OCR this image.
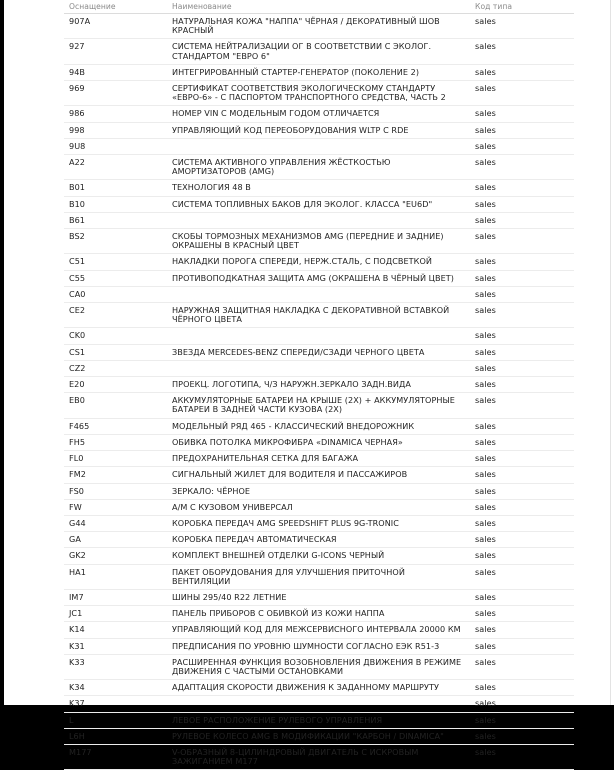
Оснащение	Наименование	Код типа
907A	НАТУРАЛЬНАЯ КОЖА "НАППА" ЧЁРНАЯ / ДЕКОРАТИВНЫЙ ШОВ КРАСНЫЙ	sales
927	СИСТЕМА НЕЙТРАЛИЗАЦИИ ОГ В СООТВЕТСТВИИ С ЭКОЛОГ. СТАНДАРТОМ "ЕВРО 6"	sales
94B	ИНТЕГРИРОВАННЫЙ СТАРТЕР-ГЕНЕРАТОР (ПОКОЛЕНИЕ 2)	sales
969	СЕРТИФИКАТ СООТВЕТСТВИЯ ЭКОЛОГИЧЕСКОМУ СТАНДАРТУ «ЕВРО-6» - С ПАСПОРТОМ ТРАНСПОРТНОГО СРЕДСТВА, ЧАСТЬ 2	sales
986	НОМЕР VIN С МОДЕЛЬНЫМ ГОДОМ ОТЛИЧАЕТСЯ	sales
998	УПРАВЛЯЮЩИЙ КОД ПЕРЕОБОРУДОВАНИЯ WLTP С RDE	sales
9U8		sales
A22	СИСТЕМА АКТИВНОГО УПРАВЛЕНИЯ ЖЁСТКОСТЬЮ АМОРТИЗАТОРОВ (AMG)	sales
B01	ТЕХНОЛОГИЯ 48 В	sales
B10	СИСТЕМА ТОПЛИВНЫХ БАКОВ ДЛЯ ЭКОЛОГ. КЛАССА "EU6D"	sales
B61		sales
BS2	СКОБЫ ТОРМОЗНЫХ МЕХАНИЗМОВ AMG (ПЕРЕДНИЕ И ЗАДНИЕ) ОКРАШЕНЫ В КРАСНЫЙ ЦВЕТ	sales
C51	НАКЛАДКИ ПОРОГА СПЕРЕДИ, НЕРЖ.СТАЛЬ, С ПОДСВЕТКОЙ	sales
C55	ПРОТИВОПОДКАТНАЯ ЗАЩИТА AMG (ОКРАШЕНА В ЧЁРНЫЙ ЦВЕТ)	sales
CA0		sales
CE2	НАРУЖНАЯ ЗАЩИТНАЯ НАКЛАДКА С ДЕКОРАТИВНОЙ ВСТАВКОЙ ЧЁРНОГО ЦВЕТА	sales
CK0		sales
CS1	ЗВЕЗДА MERCEDES-BENZ СПЕРЕДИ/СЗАДИ ЧЕРНОГО ЦВЕТА	sales
CZ2		sales
E20	ПРОЕКЦ. ЛОГОТИПА, Ч/З НАРУЖН.ЗЕРКАЛО ЗАДН.ВИДА	sales
EB0	АККУМУЛЯТОРНЫЕ БАТАРЕИ НА КРЫШЕ (2X) + АККУМУЛЯТОРНЫЕ БАТАРЕИ В ЗАДНЕЙ ЧАСТИ КУЗОВА (2X)	sales
F465	МОДЕЛЬНЫЙ РЯД 465 - КЛАССИЧЕСКИЙ ВНЕДОРОЖНИК	sales
FH5	ОБИВКА ПОТОЛКА МИКРОФИБРА «DINAMICA ЧЕРНАЯ»	sales
FL0	ПРЕДОХРАНИТЕЛЬНАЯ СЕТКА ДЛЯ БАГАЖА	sales
FM2	СИГНАЛЬНЫЙ ЖИЛЕТ ДЛЯ ВОДИТЕЛЯ И ПАССАЖИРОВ	sales
FS0	ЗЕРКАЛО: ЧЁРНОЕ	sales
FW	А/М С КУЗОВОМ УНИВЕРСАЛ	sales
G44	КОРОБКА ПЕРЕДАЧ AMG SPEEDSHIFT PLUS 9G-TRONIC	sales
GA	КОРОБКА ПЕРЕДАЧ АВТОМАТИЧЕСКАЯ	sales
GK2	КОМПЛЕКТ ВНЕШНЕЙ ОТДЕЛКИ G-ICONS ЧЕРНЫЙ	sales
HA1	ПАКЕТ ОБОРУДОВАНИЯ ДЛЯ УЛУЧШЕНИЯ ПРИТОЧНОЙ ВЕНТИЛЯЦИИ	sales
IM7	ШИНЫ 295/40 R22 ЛЕТНИЕ	sales
JC1	ПАНЕЛЬ ПРИБОРОВ С ОБИВКОЙ ИЗ КОЖИ НАППА	sales
K14	УПРАВЛЯЮЩИЙ КОД ДЛЯ МЕЖСЕРВИСНОГО ИНТЕРВАЛА 20000 КМ	sales
K31	ПРЕДПИСАНИЯ ПО УРОВНЮ ШУМНОСТИ СОГЛАСНО ЕЭК R51-3	sales
K33	РАСШИРЕННАЯ ФУНКЦИЯ ВОЗОБНОВЛЕНИЯ ДВИЖЕНИЯ В РЕЖИМЕ ДВИЖЕНИЯ С ЧАСТЫМИ ОСТАНОВКАМИ	sales
K34	АДАПТАЦИЯ СКОРОСТИ ДВИЖЕНИЯ К ЗАДАННОМУ МАРШРУТУ	sales
K37		sales
L	ЛЕВОЕ РАСПОЛОЖЕНИЕ РУЛЕВОГО УПРАВЛЕНИЯ	sales
L6H	РУЛЕВОЕ КОЛЕСО AMG В МОДИФИКАЦИИ "КАРБОН / DINAMICA"	sales
M177	V-ОБРАЗНЫЙ 8-ЦИЛИНДРОВЫЙ ДВИГАТЕЛЬ С ИСКРОВЫМ ЗАЖИГАНИЕМ M177	sales
